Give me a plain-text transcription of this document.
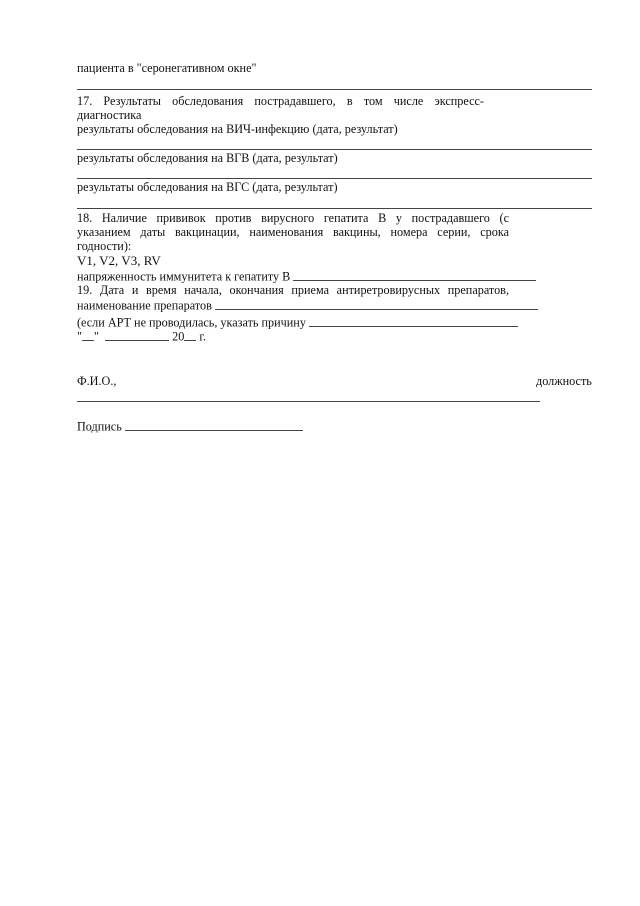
пациента в "серонегативном окне"
17. Результаты обследования пострадавшего, в том числе экспресс-
диагностика
результаты обследования на ВИЧ-инфекцию (дата, результат)
результаты обследования на ВГВ (дата, результат)
результаты обследования на ВГС (дата, результат)
18. Наличие прививок против вирусного гепатита В у пострадавшего (с
указанием даты вакцинации, наименования вакцины, номера серии, срока
годности):
V1, V2, V3, RV
напряженность иммунитета к гепатиту В
19. Дата и время начала, окончания приема антиретровирусных препаратов,
наименование препаратов
(если АРТ не проводилась, указать причину
" "	20 г.
Ф.И.О.,	должность
Подпись
